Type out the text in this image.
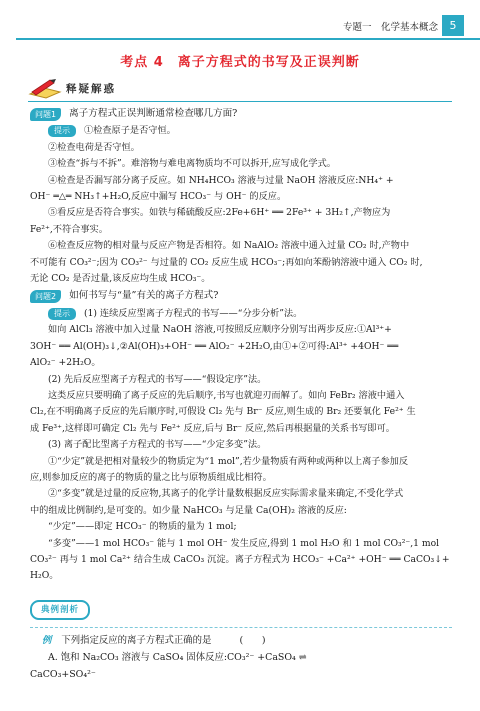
5
专题一　化学基本概念
考点 4　离子方程式的书写及正误判断
释疑解惑
问题1	离子方程式正误判断通常检查哪几方面?
提示 ①检查原子是否守恒。
②检查电荷是否守恒。
③检查“拆与不拆”。难溶物与难电离物质均不可以拆开,应写成化学式。
④检查是否漏写部分离子反应。如 NH₄HCO₃ 溶液与过量 NaOH 溶液反应:NH₄⁺ +
OH⁻ ═△═ NH₃↑+H₂O,反应中漏写 HCO₃⁻ 与 OH⁻ 的反应。
⑤看反应是否符合事实。如铁与稀硫酸反应:2Fe+6H⁺ ══ 2Fe³⁺ + 3H₂↑,产物应为
Fe²⁺,不符合事实。
⑥检查反应物的相对量与反应产物是否相符。如 NaAlO₂ 溶液中通入过量 CO₂ 时,产物中
不可能有 CO₃²⁻;因为 CO₃²⁻ 与过量的 CO₂ 反应生成 HCO₃⁻;再如向苯酚钠溶液中通入 CO₂ 时,
无论 CO₂ 是否过量,该反应均生成 HCO₃⁻。
问题2	如何书写与“量”有关的离子方程式?
提示 (1) 连续反应型离子方程式的书写——“分步分析”法。
如向 AlCl₃ 溶液中加入过量 NaOH 溶液,可按照反应顺序分别写出两步反应:①Al³⁺+
3OH⁻ ══ Al(OH)₃↓,②Al(OH)₃+OH⁻ ══ AlO₂⁻ +2H₂O,由①+②可得:Al³⁺ +4OH⁻ ══
AlO₂⁻ +2H₂O。
(2) 先后反应型离子方程式的书写——“假设定序”法。
这类反应只要明确了离子反应的先后顺序,书写也就迎刃而解了。如向 FeBr₂ 溶液中通入
Cl₂,在不明确离子反应的先后顺序时,可假设 Cl₂ 先与 Br⁻ 反应,则生成的 Br₂ 还要氧化 Fe²⁺ 生
成 Fe³⁺,这样即可确定 Cl₂ 先与 Fe²⁺ 反应,后与 Br⁻ 反应,然后再根据量的关系书写即可。
(3) 离子配比型离子方程式的书写——“少定多变”法。
①“少定”就是把相对量较少的物质定为“1 mol”,若少量物质有两种或两种以上离子参加反
应,则参加反应的离子的物质的量之比与原物质组成比相符。
②“多变”就是过量的反应物,其离子的化学计量数根据反应实际需求量来确定,不受化学式
中的组成比例制约,是可变的。如少量 NaHCO₃ 与足量 Ca(OH)₂ 溶液的反应:
“少定”——即定 HCO₃⁻ 的物质的量为 1 mol;
“多变”——1 mol HCO₃⁻ 能与 1 mol OH⁻ 发生反应,得到 1 mol H₂O 和 1 mol CO₃²⁻,1 mol
CO₃²⁻ 再与 1 mol Ca²⁺ 结合生成 CaCO₃ 沉淀。离子方程式为 HCO₃⁻ +Ca²⁺ +OH⁻ ══ CaCO₃↓+
H₂O。
典例剖析
例 下列指定反应的离子方程式正确的是　　　(　　)
A. 饱和 Na₂CO₃ 溶液与 CaSO₄ 固体反应:CO₃²⁻ +CaSO₄ ⇌
CaCO₃+SO₄²⁻
